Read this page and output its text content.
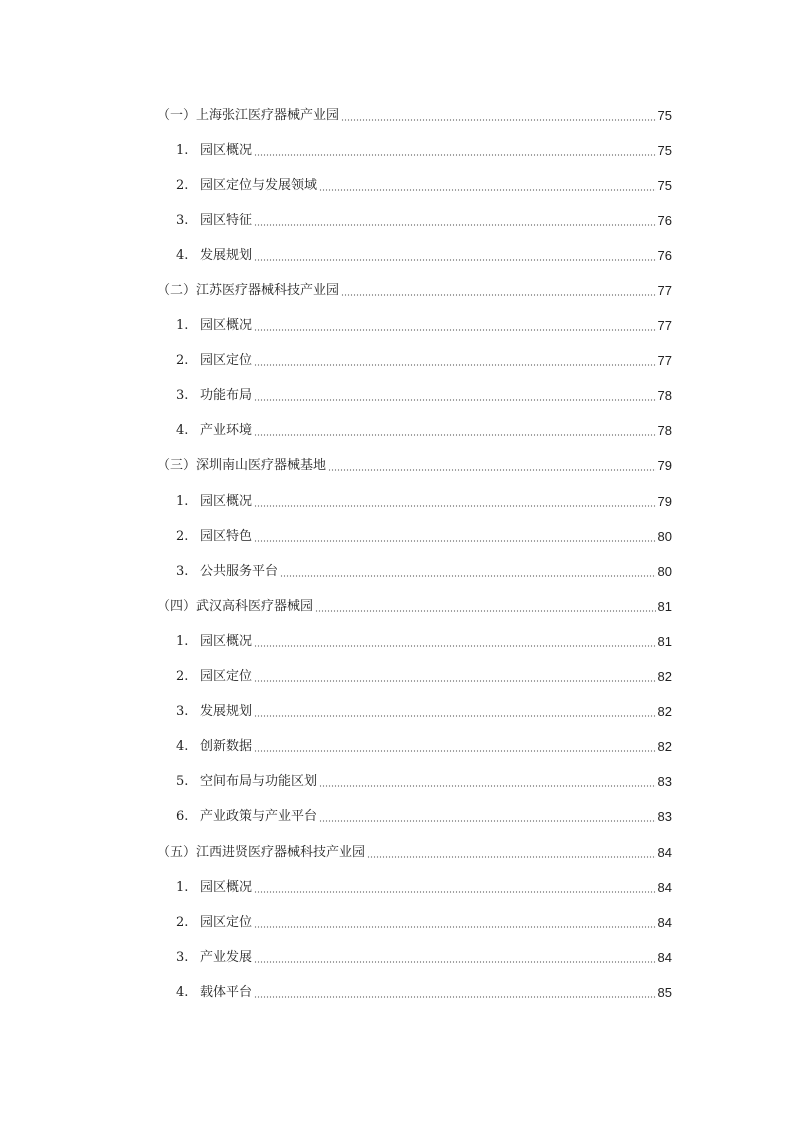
（一）上海张江医疗器械产业园	75
1. 园区概况	75
2. 园区定位与发展领域	75
3. 园区特征	76
4. 发展规划	76
（二）江苏医疗器械科技产业园	77
1. 园区概况	77
2. 园区定位	77
3. 功能布局	78
4. 产业环境	78
（三）深圳南山医疗器械基地	79
1. 园区概况	79
2. 园区特色	80
3. 公共服务平台	80
（四）武汉高科医疗器械园	81
1. 园区概况	81
2. 园区定位	82
3. 发展规划	82
4. 创新数据	82
5. 空间布局与功能区划	83
6. 产业政策与产业平台	83
（五）江西进贤医疗器械科技产业园	84
1. 园区概况	84
2. 园区定位	84
3. 产业发展	84
4. 载体平台	85
